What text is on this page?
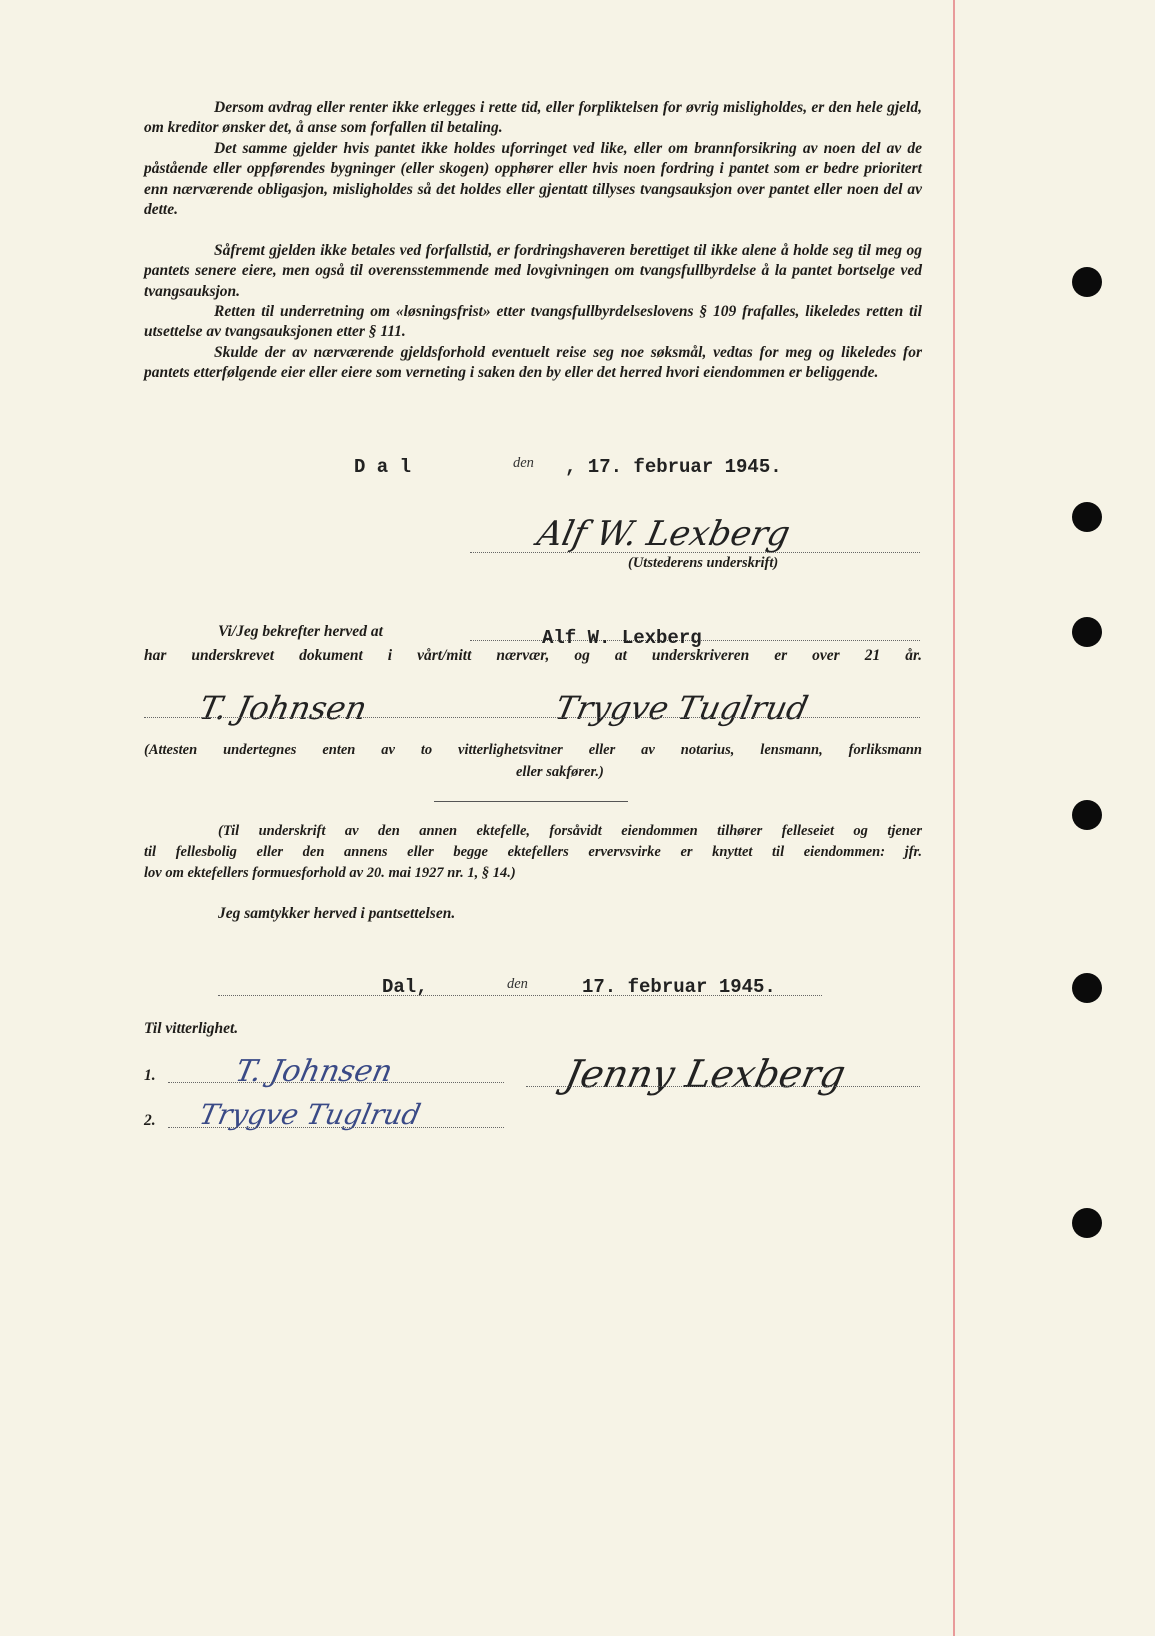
Dersom avdrag eller renter ikke erlegges i rette tid, eller forpliktelsen for øvrig misligholdes, er den hele gjeld, om kreditor ønsker det, å anse som forfallen til betaling.

Det samme gjelder hvis pantet ikke holdes uforringet ved like, eller om brannforsikring av noen del av de påstående eller oppførendes bygninger (eller skogen) opphører eller hvis noen fordring i pantet som er bedre prioritert enn nærværende obligasjon, misligholdes så det holdes eller gjentatt tillyses tvangsauksjon over pantet eller noen del av dette.

Såfremt gjelden ikke betales ved forfallstid, er fordringshaveren berettiget til ikke alene å holde seg til meg og pantets senere eiere, men også til overensstemmende med lovgivningen om tvangsfullbyrdelse å la pantet bortselge ved tvangsauksjon.

Retten til underretning om «løsningsfrist» etter tvangsfullbyrdelseslovens § 109 frafalles, likeledes retten til utsettelse av tvangsauksjonen etter § 111.

Skulde der av nærværende gjeldsforhold eventuelt reise seg noe søksmål, vedtas for meg og likeledes for pantets etterfølgende eier eller eiere som verneting i saken den by eller det herred hvori eiendommen er beliggende.

D a l	den , 17. februar 1945.
Alf W. Lexberg
(Utstederens underskrift)
Vi/Jeg bekrefter herved at	Alf W. Lexberg
har underskrevet dokument i vårt/mitt nærvær, og at underskriveren er over 21 år.
T. Johnsen	Trygve Tuglrud
(Attesten undertegnes enten av to vitterlighetsvitner eller av notarius, lensmann, forliksmann
eller sakfører.)
(Til underskrift av den annen ektefelle, forsåvidt eiendommen tilhører felleseiet og tjener
til fellesbolig eller den annens eller begge ektefellers ervervsvirke er knyttet til eiendommen: jfr.
lov om ektefellers formuesforhold av 20. mai 1927 nr. 1, § 14.)
Jeg samtykker herved i pantsettelsen.
Dal,	den	17. februar 1945.
Til vitterlighet.
1.	T. Johnsen
2. Trygve Tuglrud
Jenny Lexberg
